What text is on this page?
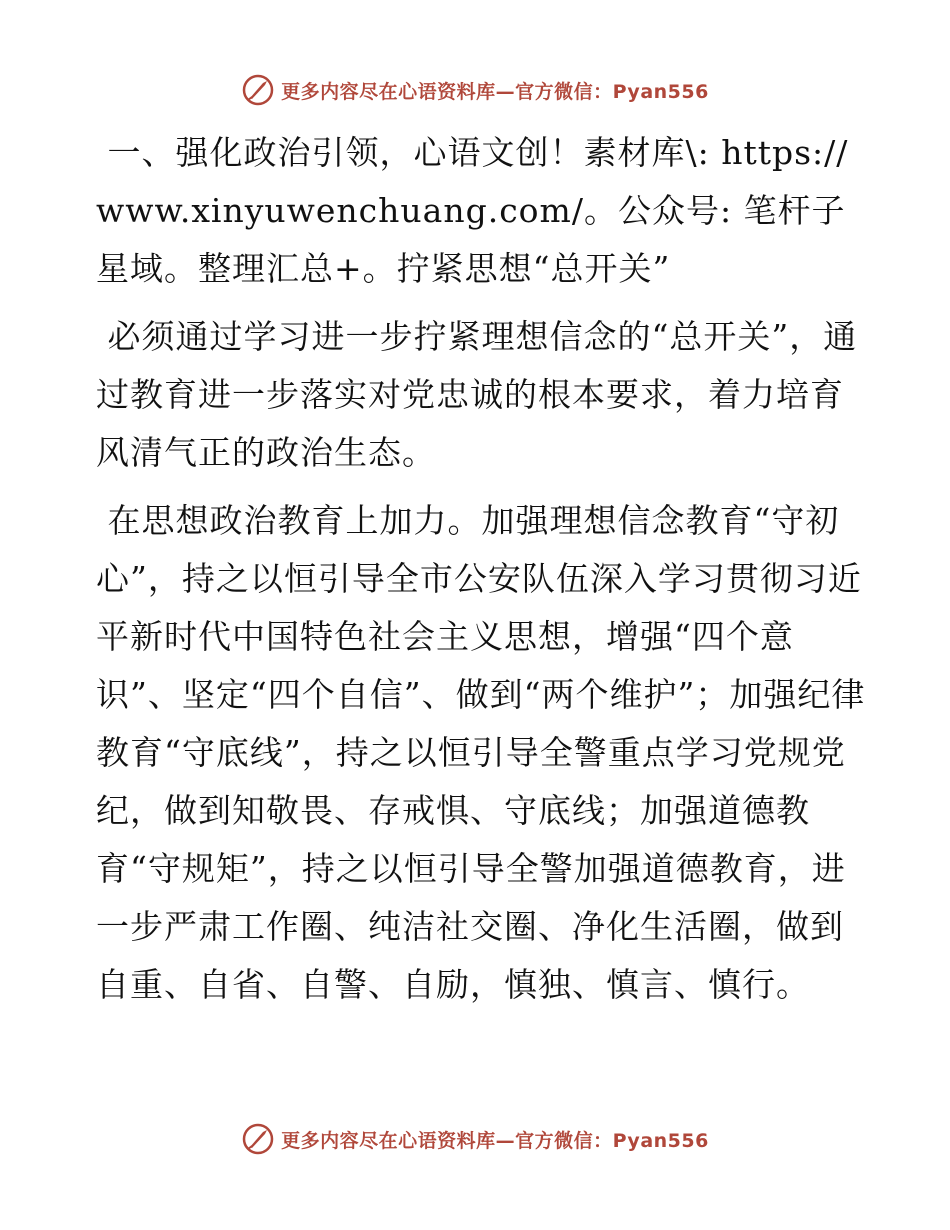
更多内容尽在心语资料库—官方微信：Pyan556

一、强化政治引领，心语文创！素材库\: https://www.xinyuwenchuang.com/。公众号: 笔杆子星域。整理汇总+。拧紧思想“总开关”

必须通过学习进一步拧紧理想信念的“总开关”，通过教育进一步落实对党忠诚的根本要求，着力培育风清气正的政治生态。

在思想政治教育上加力。加强理想信念教育“守初心”，持之以恒引导全市公安队伍深入学习贯彻习近平新时代中国特色社会主义思想，增强“四个意识”、坚定“四个自信”、做到“两个维护”；加强纪律教育“守底线”，持之以恒引导全警重点学习党规党纪，做到知敬畏、存戒惧、守底线；加强道德教育“守规矩”，持之以恒引导全警加强道德教育，进一步严肃工作圈、纯洁社交圈、净化生活圈，做到自重、自省、自警、自励，慎独、慎言、慎行。

更多内容尽在心语资料库—官方微信：Pyan556
